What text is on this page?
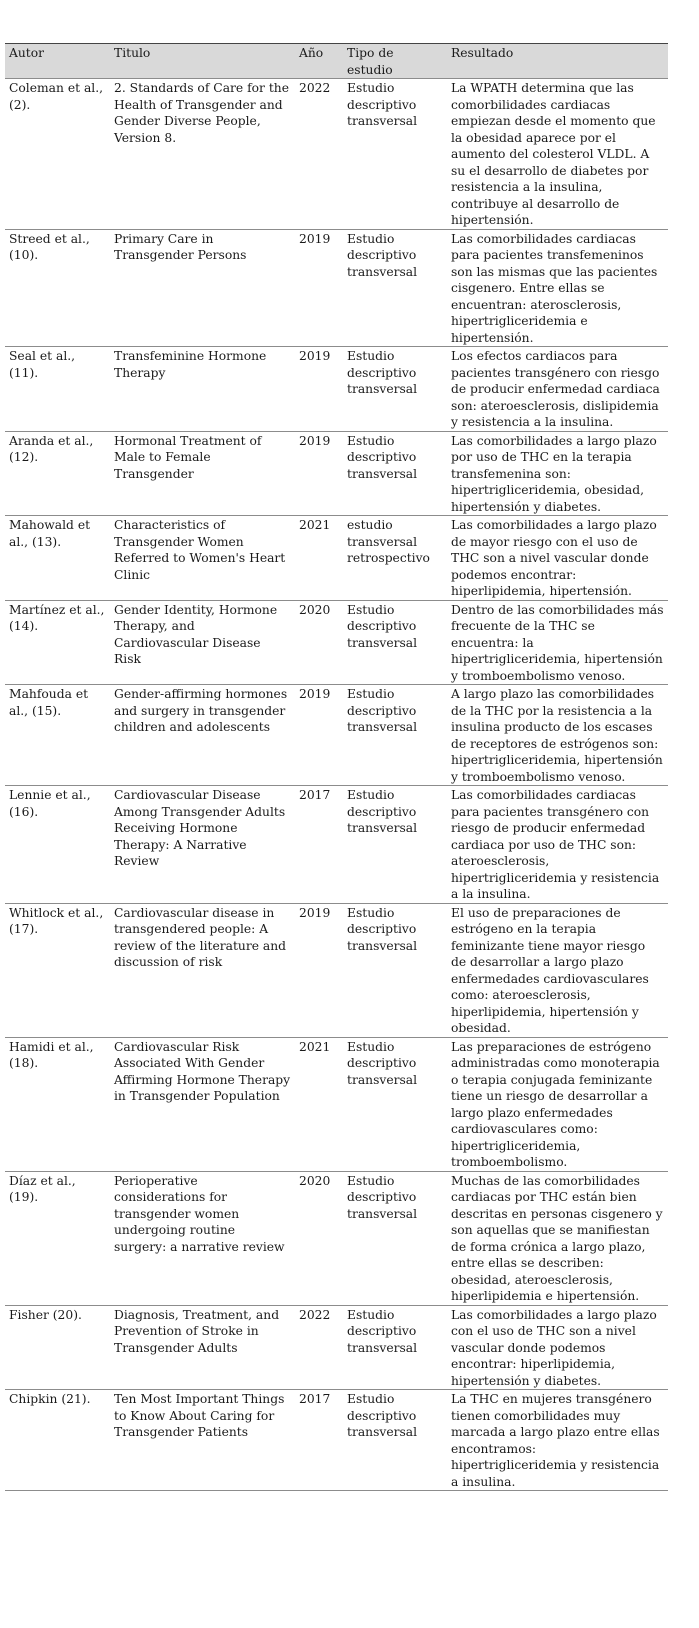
Autor	Titulo	Año	Tipo de estudio	Resultado
Coleman et al., (2).	2. Standards of Care for the Health of Transgender and Gender Diverse People, Version 8.	2022	Estudio descriptivo transversal	La WPATH determina que las comorbilidades cardiacas empiezan desde el momento que la obesidad aparece por el aumento del colesterol VLDL. A su el desarrollo de diabetes por resistencia a la insulina, contribuye al desarrollo de hipertensión.
Streed et al., (10).	Primary Care in Transgender Persons	2019	Estudio descriptivo transversal	Las comorbilidades cardiacas para pacientes transfemeninos son las mismas que las pacientes cisgenero. Entre ellas se encuentran: aterosclerosis, hipertrigliceridemia e hipertensión.
Seal et al., (11).	Transfeminine Hormone Therapy	2019	Estudio descriptivo transversal	Los efectos cardiacos para pacientes transgénero con riesgo de producir enfermedad cardiaca son: ateroesclerosis, dislipidemia y resistencia a la insulina.
Aranda et al., (12).	Hormonal Treatment of Male to Female Transgender	2019	Estudio descriptivo transversal	Las comorbilidades a largo plazo por uso de THC en la terapia transfemenina son: hipertrigliceridemia, obesidad, hipertensión y diabetes.
Mahowald et al., (13).	Characteristics of Transgender Women Referred to Women's Heart Clinic	2021	estudio transversal retrospectivo	Las comorbilidades a largo plazo de mayor riesgo con el uso de THC son a nivel vascular donde podemos encontrar: hiperlipidemia, hipertensión.
Martínez et al., (14).	Gender Identity, Hormone Therapy, and Cardiovascular Disease Risk	2020	Estudio descriptivo transversal	Dentro de las comorbilidades más frecuente de la THC se encuentra: la hipertrigliceridemia, hipertensión y tromboembolismo venoso.
Mahfouda et al., (15).	Gender-affirming hormones and surgery in transgender children and adolescents	2019	Estudio descriptivo transversal	A largo plazo las comorbilidades de la THC por la resistencia a la insulina producto de los escases de receptores de estrógenos son: hipertrigliceridemia, hipertensión y tromboembolismo venoso.
Lennie et al., (16).	Cardiovascular Disease Among Transgender Adults Receiving Hormone Therapy: A Narrative Review	2017	Estudio descriptivo transversal	Las comorbilidades cardiacas para pacientes transgénero con riesgo de producir enfermedad cardiaca por uso de THC son: ateroesclerosis, hipertrigliceridemia y resistencia a la insulina.
Whitlock et al., (17).	Cardiovascular disease in transgendered people: A review of the literature and discussion of risk	2019	Estudio descriptivo transversal	El uso de preparaciones de estrógeno en la terapia feminizante tiene mayor riesgo de desarrollar a largo plazo enfermedades cardiovasculares como: ateroesclerosis, hiperlipidemia, hipertensión y obesidad.
Hamidi et al., (18).	Cardiovascular Risk Associated With Gender Affirming Hormone Therapy in Transgender Population	2021	Estudio descriptivo transversal	Las preparaciones de estrógeno administradas como monoterapia o terapia conjugada feminizante tiene un riesgo de desarrollar a largo plazo enfermedades cardiovasculares como: hipertrigliceridemia, tromboembolismo.
Díaz et al., (19).	Perioperative considerations for transgender women undergoing routine surgery: a narrative review	2020	Estudio descriptivo transversal	Muchas de las comorbilidades cardiacas por THC están bien descritas en personas cisgenero y son aquellas que se manifiestan de forma crónica a largo plazo, entre ellas se describen: obesidad, ateroesclerosis, hiperlipidemia e hipertensión.
Fisher (20).	Diagnosis, Treatment, and Prevention of Stroke in Transgender Adults	2022	Estudio descriptivo transversal	Las comorbilidades a largo plazo con el uso de THC son a nivel vascular donde podemos encontrar: hiperlipidemia, hipertensión y diabetes.
Chipkin (21).	Ten Most Important Things to Know About Caring for Transgender Patients	2017	Estudio descriptivo transversal	La THC en mujeres transgénero tienen comorbilidades muy marcada a largo plazo entre ellas encontramos: hipertrigliceridemia y resistencia a insulina.
